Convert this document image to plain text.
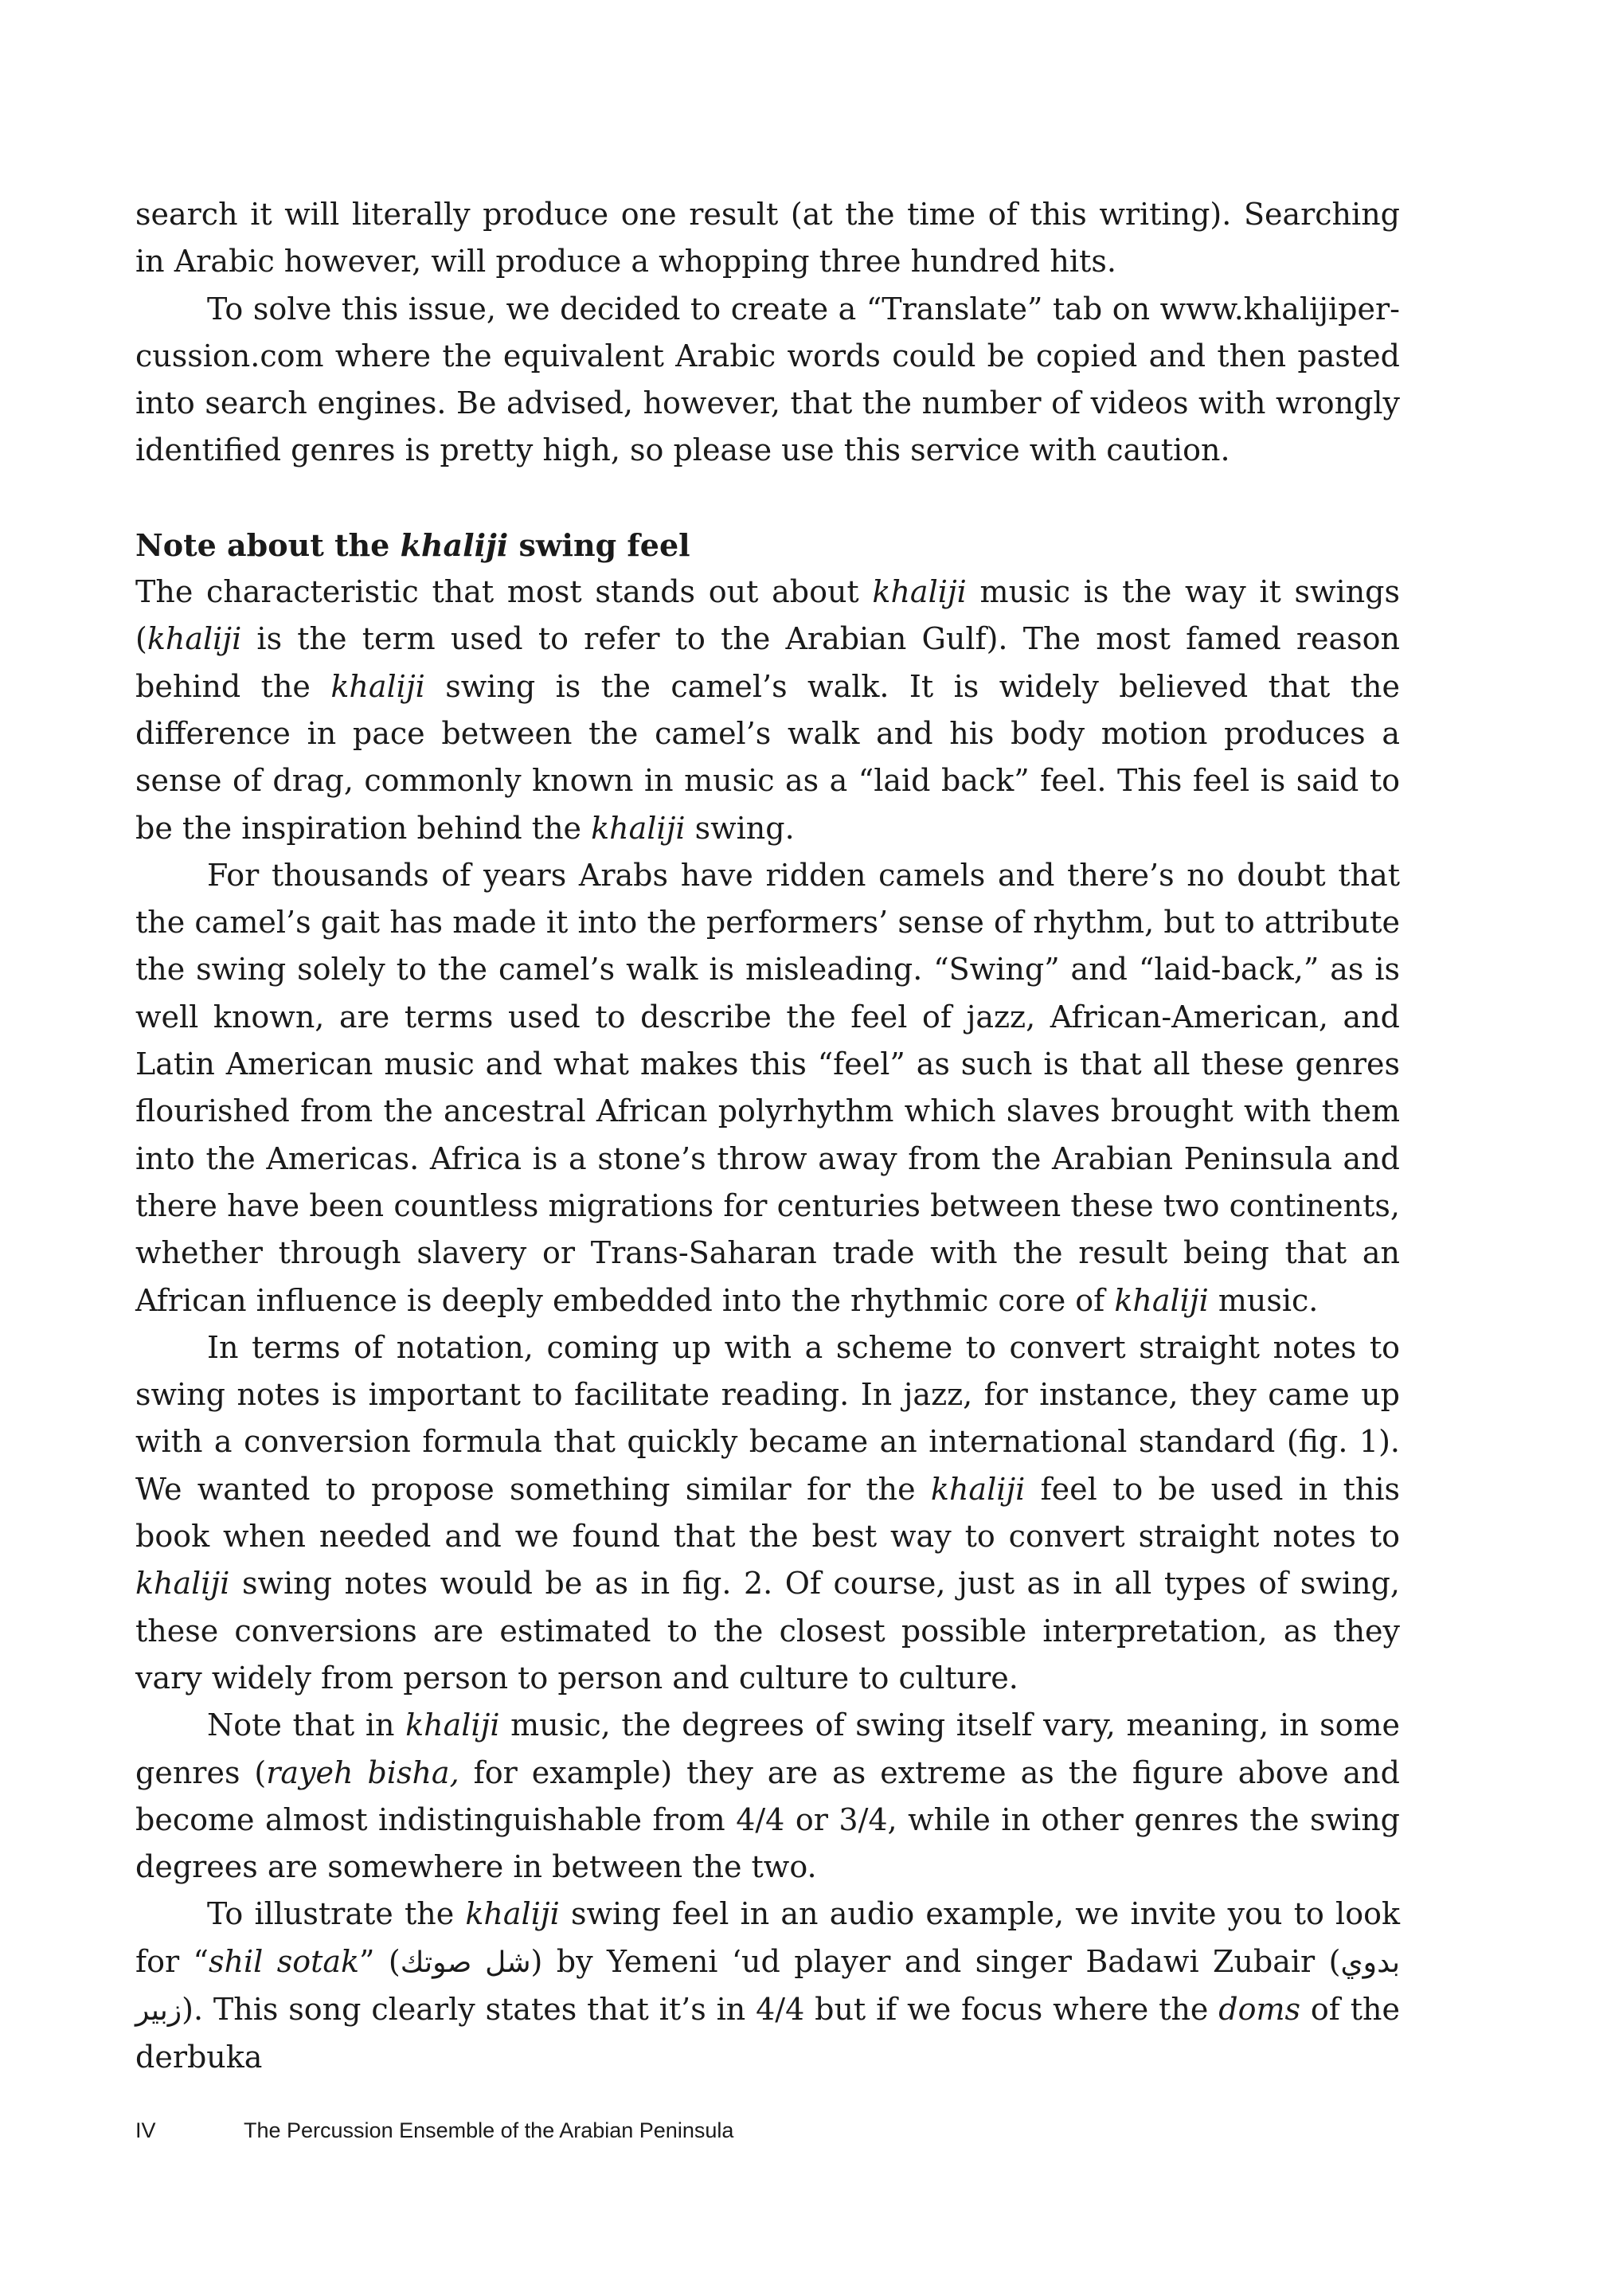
search it will literally produce one result (at the time of this writing). Searching in Arabic however, will produce a whopping three hundred hits.

To solve this issue, we decided to create a “Translate” tab on www.khalijiper-cussion.com where the equivalent Arabic words could be copied and then pasted into search engines. Be advised, however, that the number of videos with wrongly identified genres is pretty high, so please use this service with caution.

Note about the khaliji swing feel

The characteristic that most stands out about khaliji music is the way it swings (khaliji is the term used to refer to the Arabian Gulf). The most famed reason behind the khaliji swing is the camel’s walk. It is widely believed that the difference in pace between the camel’s walk and his body motion produces a sense of drag, commonly known in music as a “laid back” feel. This feel is said to be the inspiration behind the khaliji swing.

For thousands of years Arabs have ridden camels and there’s no doubt that the camel’s gait has made it into the performers’ sense of rhythm, but to attribute the swing solely to the camel’s walk is misleading. “Swing” and “laid-back,” as is well known, are terms used to describe the feel of jazz, African-American, and Latin American music and what makes this “feel” as such is that all these genres flourished from the ancestral African polyrhythm which slaves brought with them into the Americas. Africa is a stone’s throw away from the Arabian Peninsula and there have been countless migrations for centuries between these two continents, whether through slavery or Trans-Saharan trade with the result being that an African influence is deeply embedded into the rhythmic core of khaliji music.

In terms of notation, coming up with a scheme to convert straight notes to swing notes is important to facilitate reading. In jazz, for instance, they came up with a conversion formula that quickly became an international standard (fig. 1). We wanted to propose something similar for the khaliji feel to be used in this book when needed and we found that the best way to convert straight notes to khaliji swing notes would be as in fig. 2. Of course, just as in all types of swing, these conversions are estimated to the closest possible interpretation, as they vary widely from person to person and culture to culture.

Note that in khaliji music, the degrees of swing itself vary, meaning, in some genres (rayeh bisha, for example) they are as extreme as the figure above and become almost indistinguishable from 4/4 or 3/4, while in other genres the swing degrees are somewhere in between the two.

To illustrate the khaliji swing feel in an audio example, we invite you to look for “shil sotak” (شل صوتك) by Yemeni ‘ud player and singer Badawi Zubair (بدوي زبير). This song clearly states that it’s in 4/4 but if we focus where the doms of the derbuka

IV	The Percussion Ensemble of the Arabian Peninsula
